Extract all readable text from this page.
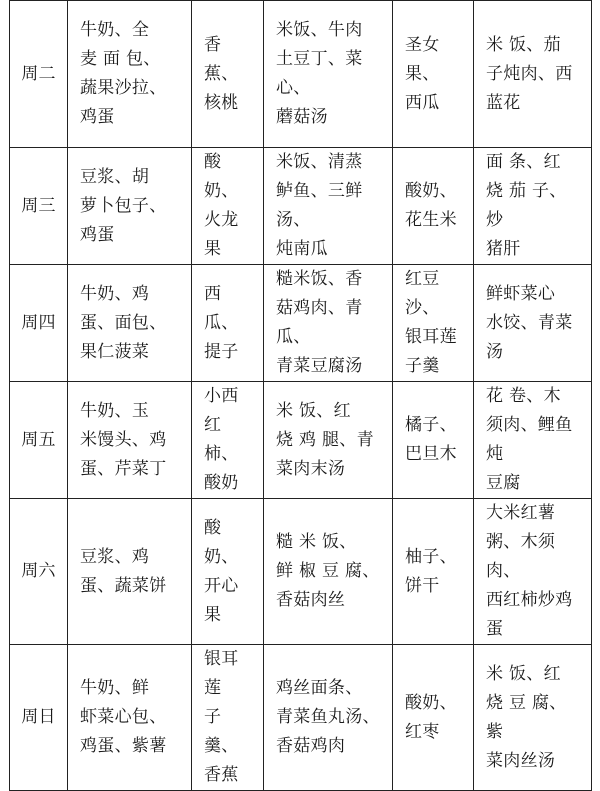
周二	牛奶、全
麦 面 包、
蔬果沙拉、
鸡蛋	香蕉、
核桃	米饭、牛肉
土豆丁、菜心、
蘑菇汤	圣女果、
西瓜	米 饭、茄
子炖肉、西
蓝花

周三	豆浆、胡
萝卜包子、
鸡蛋	酸奶、
火龙果	米饭、清蒸
鲈鱼、三鲜汤、
炖南瓜	酸奶、
花生米	面 条、红
烧 茄 子、炒
猪肝

周四	牛奶、鸡
蛋、面包、
果仁菠菜	西瓜、
提子	糙米饭、香
菇鸡肉、青瓜、
青菜豆腐汤	红豆沙、
银耳莲
子羹	鲜虾菜心
水饺、青菜汤

周五	牛奶、玉
米馒头、鸡
蛋、芹菜丁	小西
红柿、
酸奶	米 饭、红
烧 鸡 腿、青
菜肉末汤	橘子、
巴旦木	花 卷、木
须肉、鲤鱼炖
豆腐

周六	豆浆、鸡
蛋、蔬菜饼	酸奶、
开心果	糙 米 饭、
鲜 椒 豆 腐、
香菇肉丝	柚子、
饼干	大米红薯
粥、木须肉、
西红柿炒鸡蛋

周日	牛奶、鲜
虾菜心包、
鸡蛋、紫薯	银耳莲
子羹、
香蕉	鸡丝面条、
青菜鱼丸汤、
香菇鸡肉	酸奶、
红枣	米 饭、红
烧 豆 腐、紫
菜肉丝汤
